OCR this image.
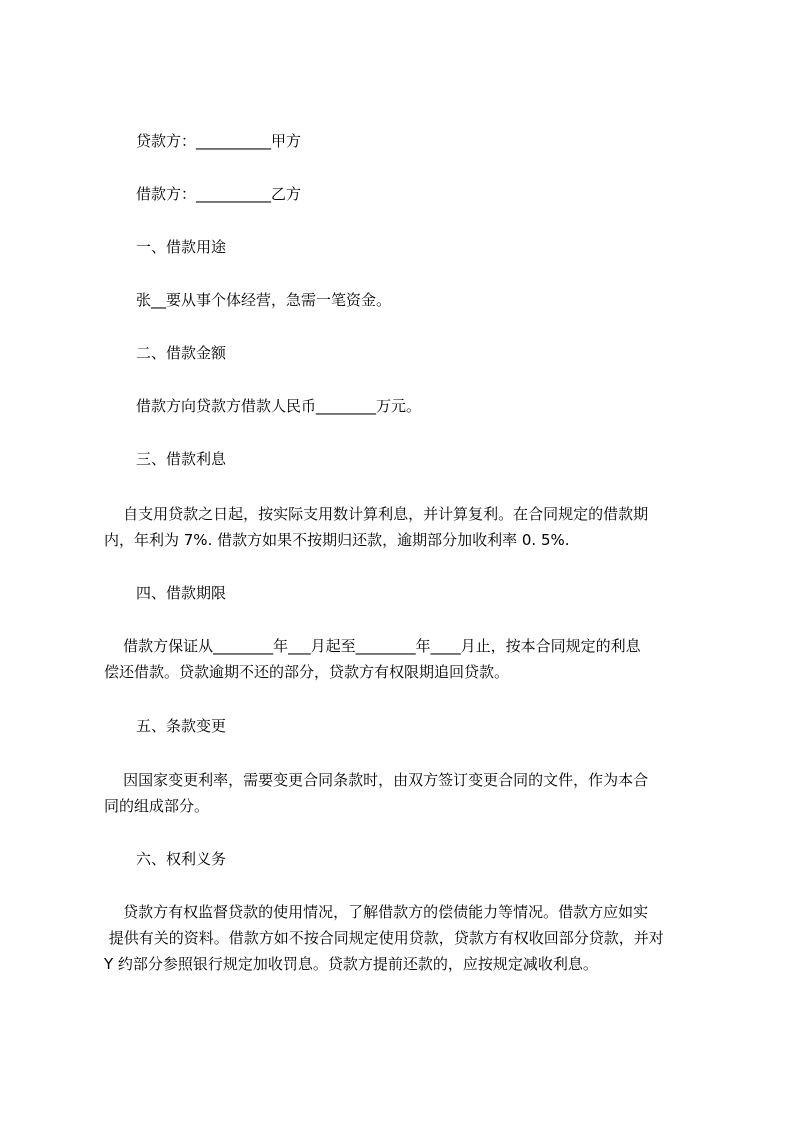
贷款方：__________甲方
借款方：__________乙方
一、借款用途
张__要从事个体经营，急需一笔资金。
二、借款金额
借款方向贷款方借款人民币________万元。
三、借款利息
自支用贷款之日起，按实际支用数计算利息，并计算复利。在合同规定的借款期
内，年利为 7%. 借款方如果不按期归还款，逾期部分加收利率 0. 5%.
四、借款期限
借款方保证从________年___月起至________年____月止，按本合同规定的利息
偿还借款。贷款逾期不还的部分，贷款方有权限期追回贷款。
五、条款变更
因国家变更利率，需要变更合同条款时，由双方签订变更合同的文件，作为本合
同的组成部分。
六、权利义务
贷款方有权监督贷款的使用情况，了解借款方的偿债能力等情况。借款方应如实
提供有关的资料。借款方如不按合同规定使用贷款，贷款方有权收回部分贷款，并对
Y 约部分参照银行规定加收罚息。贷款方提前还款的，应按规定减收利息。
